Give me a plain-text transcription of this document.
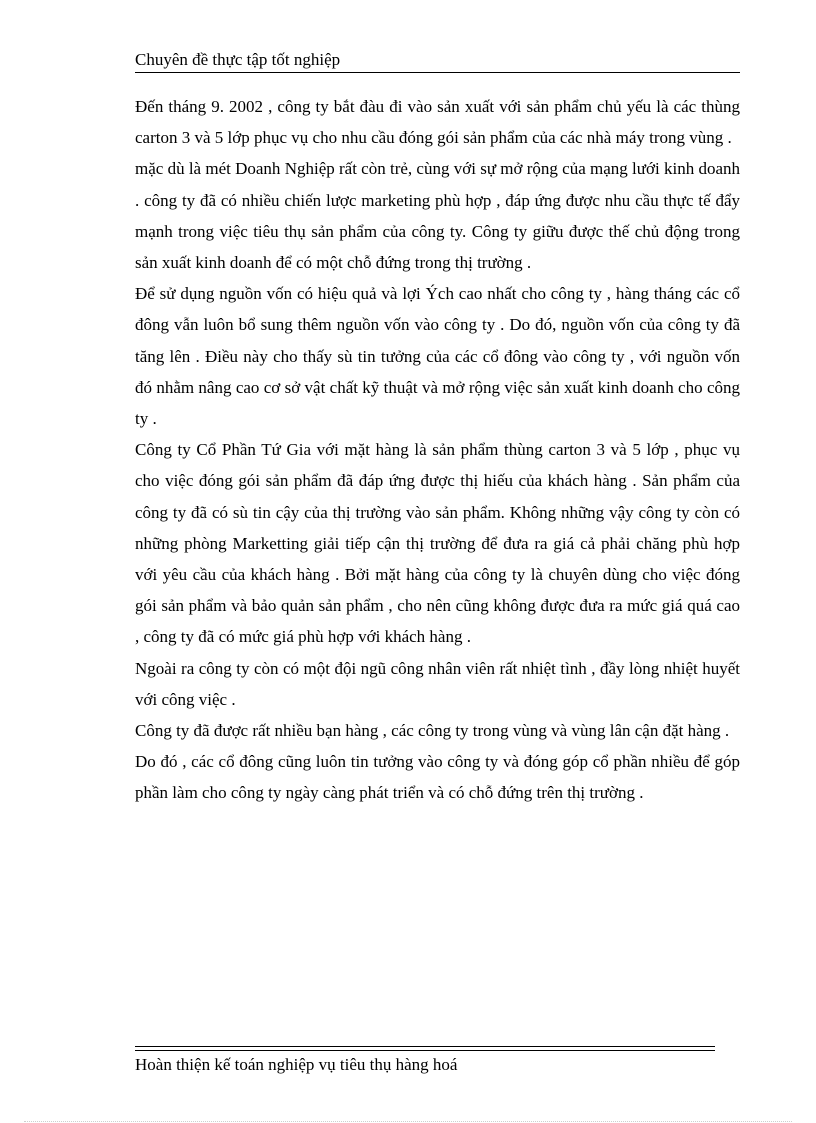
Chuyên đề thực tập tốt nghiệp

Đến tháng 9. 2002 , công ty bắt đàu đi vào sản xuất với sản phẩm chủ yếu là các thùng carton 3 và 5 lớp phục vụ cho nhu cầu đóng gói sản phẩm của các nhà máy trong vùng .

mặc dù là mét Doanh Nghiệp rất còn trẻ, cùng với sự mở rộng của mạng lưới kinh doanh . công ty đã có nhiều chiến lược marketing phù hợp , đáp ứng được nhu cầu thực tế đẩy mạnh trong việc tiêu thụ sản phẩm của công ty. Công ty giữu được thế chủ động trong sản xuất kinh doanh để có một chỗ đứng trong thị trường .

Để sử dụng nguồn vốn có hiệu quả và lợi Ých cao nhất cho công ty , hàng tháng các cổ đông vẫn luôn bổ sung thêm nguồn vốn vào công ty . Do đó, nguồn vốn của công ty đã tăng lên . Điều này cho thấy sù tin tưởng của các cổ đông vào công ty , với nguồn vốn đó nhằm nâng cao cơ sở vật chất kỹ thuật và mở rộng việc sản xuất kinh doanh cho công ty .

Công ty Cổ Phần Tứ Gia với mặt hàng là sản phẩm thùng carton 3 và 5 lớp , phục vụ cho việc đóng gói sản phẩm đã đáp ứng được thị hiếu của khách hàng . Sản phẩm của công ty đã có sù tin cậy của thị trường vào sản phẩm. Không những vậy công ty còn có những phòng Marketting giải tiếp cận thị trường để đưa ra giá cả phải chăng phù hợp với yêu cầu của khách hàng . Bởi mặt hàng của công ty là chuyên dùng cho việc đóng gói sản phẩm và bảo quản sản phẩm , cho nên cũng không được đưa ra mức giá quá cao , công ty đã có mức giá phù hợp với khách hàng .

Ngoài ra công ty còn có một đội ngũ công nhân viên rất nhiệt tình , đầy lòng nhiệt huyết với công việc .

Công ty đã được rất nhiều bạn hàng , các công ty trong vùng và vùng lân cận đặt hàng .

Do đó , các cổ đông cũng luôn tin tưởng vào công ty và đóng góp cổ phần nhiều để góp phần làm cho công ty ngày càng phát triển và có chỗ đứng trên thị trường .

Hoàn thiện kế toán nghiệp vụ tiêu thụ hàng hoá
